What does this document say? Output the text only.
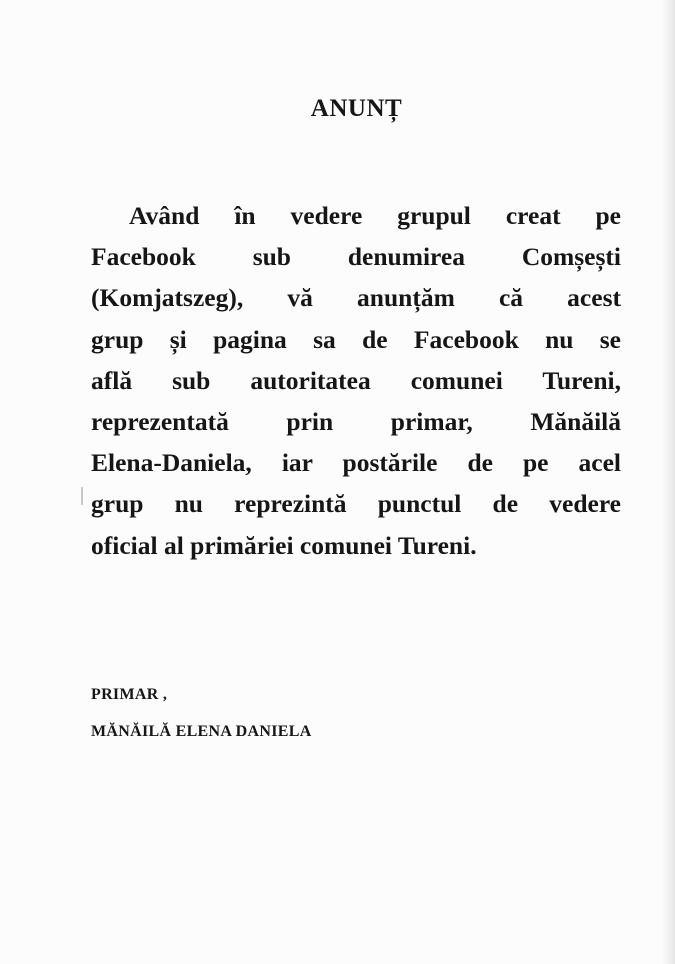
ANUNȚ
Având în vedere grupul creat pe
Facebook sub denumirea Comșești
(Komjatszeg), vă anunțăm că acest
grup și pagina sa de Facebook nu se
află sub autoritatea comunei Tureni,
reprezentată prin primar, Mănăilă
Elena-Daniela, iar postările de pe acel
grup nu reprezintă punctul de vedere
oficial al primăriei comunei Tureni.
PRIMAR ,
MĂNĂILĂ ELENA DANIELA
